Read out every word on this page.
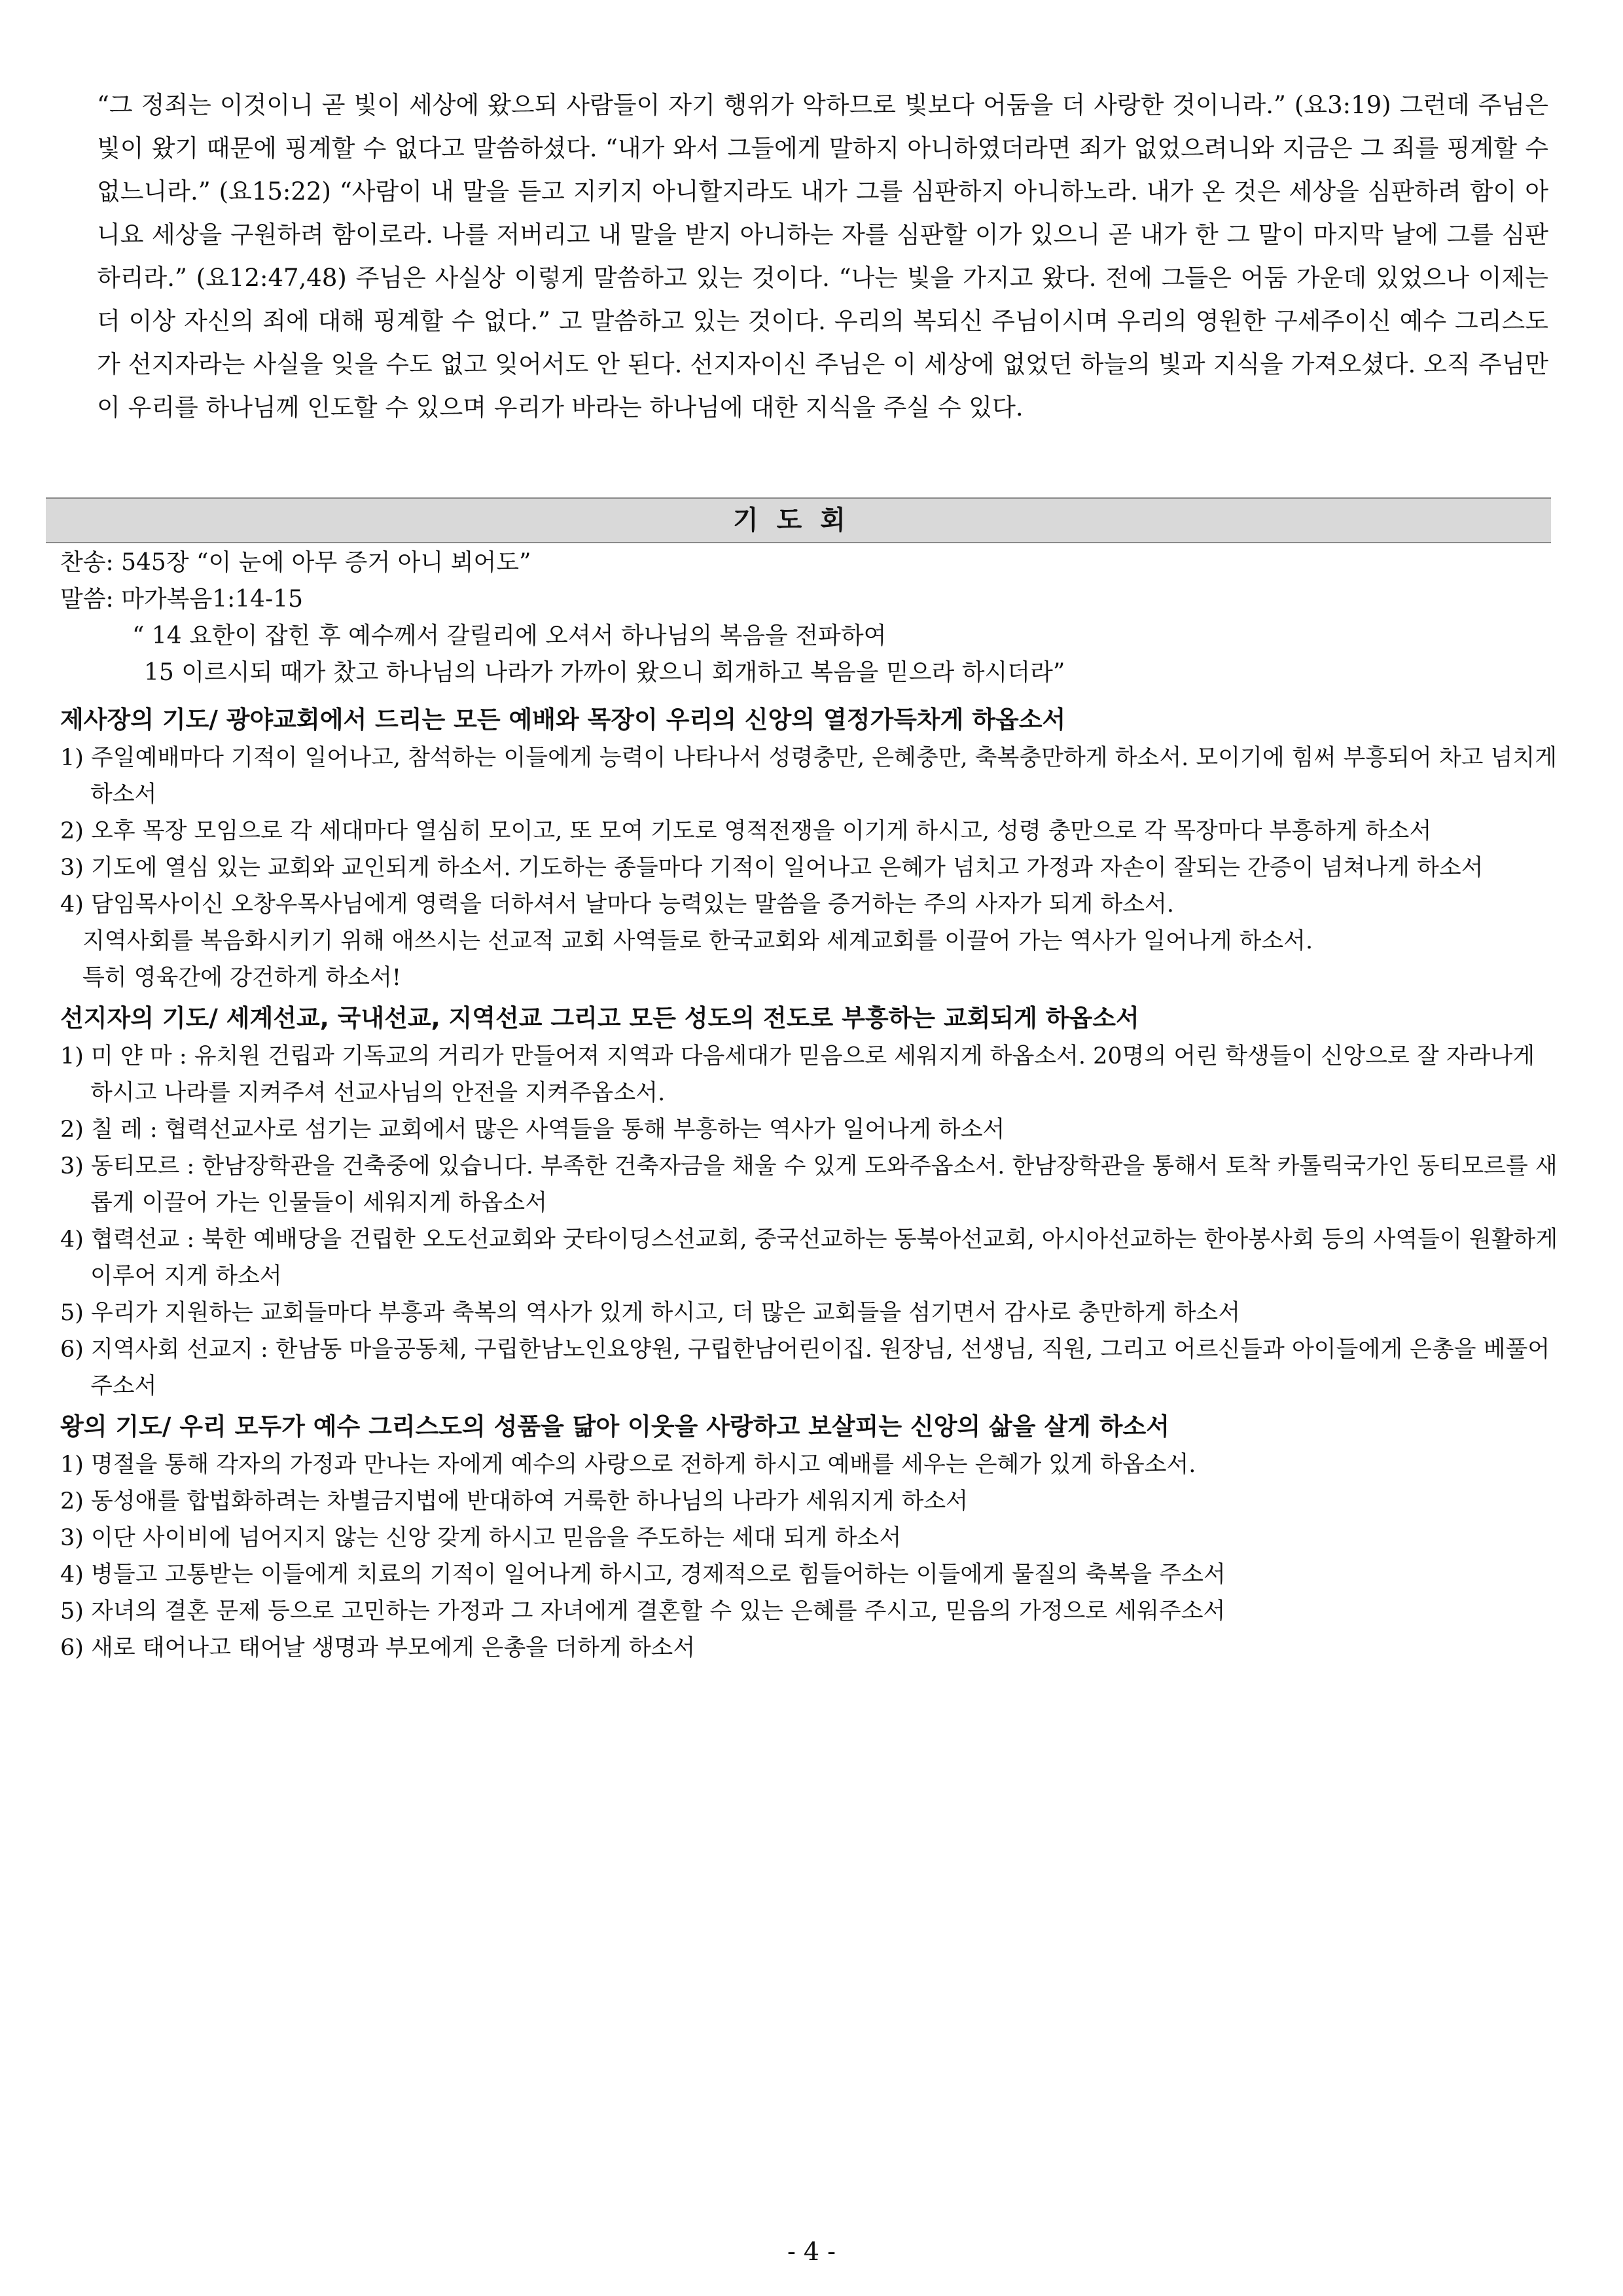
“그 정죄는 이것이니 곧 빛이 세상에 왔으되 사람들이 자기 행위가 악하므로 빛보다 어둠을 더 사랑한 것이니라.” (요3:19) 그런데 주님은 빛이 왔기 때문에 핑계할 수 없다고 말씀하셨다. “내가 와서 그들에게 말하지 아니하였더라면 죄가 없었으려니와 지금은 그 죄를 핑계할 수 없느니라.” (요15:22) “사람이 내 말을 듣고 지키지 아니할지라도 내가 그를 심판하지 아니하노라. 내가 온 것은 세상을 심판하려 함이 아니요 세상을 구원하려 함이로라. 나를 저버리고 내 말을 받지 아니하는 자를 심판할 이가 있으니 곧 내가 한 그 말이 마지막 날에 그를 심판하리라.” (요12:47,48) 주님은 사실상 이렇게 말씀하고 있는 것이다. “나는 빛을 가지고 왔다. 전에 그들은 어둠 가운데 있었으나 이제는 더 이상 자신의 죄에 대해 핑계할 수 없다.” 고 말씀하고 있는 것이다. 우리의 복되신 주님이시며 우리의 영원한 구세주이신 예수 그리스도가 선지자라는 사실을 잊을 수도 없고 잊어서도 안 된다. 선지자이신 주님은 이 세상에 없었던 하늘의 빛과 지식을 가져오셨다. 오직 주님만이 우리를 하나님께 인도할 수 있으며 우리가 바라는 하나님에 대한 지식을 주실 수 있다.

기도회
찬송: 545장 “이 눈에 아무 증거 아니 뵈어도”
말씀: 마가복음1:14-15
“ 14 요한이 잡힌 후 예수께서 갈릴리에 오셔서 하나님의 복음을 전파하여
15 이르시되 때가 찼고 하나님의 나라가 가까이 왔으니 회개하고 복음을 믿으라 하시더라”
제사장의 기도/ 광야교회에서 드리는 모든 예배와 목장이 우리의 신앙의 열정가득차게 하옵소서
1) 주일예배마다 기적이 일어나고, 참석하는 이들에게 능력이 나타나서 성령충만, 은혜충만, 축복충만하게 하소서. 모이기에 힘써 부흥되어 차고 넘치게 하소서
2) 오후 목장 모임으로 각 세대마다 열심히 모이고, 또 모여 기도로 영적전쟁을 이기게 하시고, 성령 충만으로 각 목장마다 부흥하게 하소서
3) 기도에 열심 있는 교회와 교인되게 하소서. 기도하는 종들마다 기적이 일어나고 은혜가 넘치고 가정과 자손이 잘되는 간증이 넘쳐나게 하소서
4) 담임목사이신 오창우목사님에게 영력을 더하셔서 날마다 능력있는 말씀을 증거하는 주의 사자가 되게 하소서.
지역사회를 복음화시키기 위해 애쓰시는 선교적 교회 사역들로 한국교회와 세계교회를 이끌어 가는 역사가 일어나게 하소서.
특히 영육간에 강건하게 하소서!
선지자의 기도/ 세계선교, 국내선교, 지역선교 그리고 모든 성도의 전도로 부흥하는 교회되게 하옵소서
1) 미 얀 마 : 유치원 건립과 기독교의 거리가 만들어져 지역과 다음세대가 믿음으로 세워지게 하옵소서. 20명의 어린 학생들이 신앙으로 잘 자라나게 하시고 나라를 지켜주셔 선교사님의 안전을 지켜주옵소서.
2) 칠 레 : 협력선교사로 섬기는 교회에서 많은 사역들을 통해 부흥하는 역사가 일어나게 하소서
3) 동티모르 : 한남장학관을 건축중에 있습니다. 부족한 건축자금을 채울 수 있게 도와주옵소서. 한남장학관을 통해서 토착 카톨릭국가인 동티모르를 새롭게 이끌어 가는 인물들이 세워지게 하옵소서
4) 협력선교 : 북한 예배당을 건립한 오도선교회와 굿타이딩스선교회, 중국선교하는 동북아선교회, 아시아선교하는 한아봉사회 등의 사역들이 원활하게 이루어 지게 하소서
5) 우리가 지원하는 교회들마다 부흥과 축복의 역사가 있게 하시고, 더 많은 교회들을 섬기면서 감사로 충만하게 하소서
6) 지역사회 선교지 : 한남동 마을공동체, 구립한남노인요양원, 구립한남어린이집. 원장님, 선생님, 직원, 그리고 어르신들과 아이들에게 은총을 베풀어 주소서
왕의 기도/ 우리 모두가 예수 그리스도의 성품을 닮아 이웃을 사랑하고 보살피는 신앙의 삶을 살게 하소서
1) 명절을 통해 각자의 가정과 만나는 자에게 예수의 사랑으로 전하게 하시고 예배를 세우는 은혜가 있게 하옵소서.
2) 동성애를 합법화하려는 차별금지법에 반대하여 거룩한 하나님의 나라가 세워지게 하소서
3) 이단 사이비에 넘어지지 않는 신앙 갖게 하시고 믿음을 주도하는 세대 되게 하소서
4) 병들고 고통받는 이들에게 치료의 기적이 일어나게 하시고, 경제적으로 힘들어하는 이들에게 물질의 축복을 주소서
5) 자녀의 결혼 문제 등으로 고민하는 가정과 그 자녀에게 결혼할 수 있는 은혜를 주시고, 믿음의 가정으로 세워주소서
6) 새로 태어나고 태어날 생명과 부모에게 은총을 더하게 하소서
- 4 -
